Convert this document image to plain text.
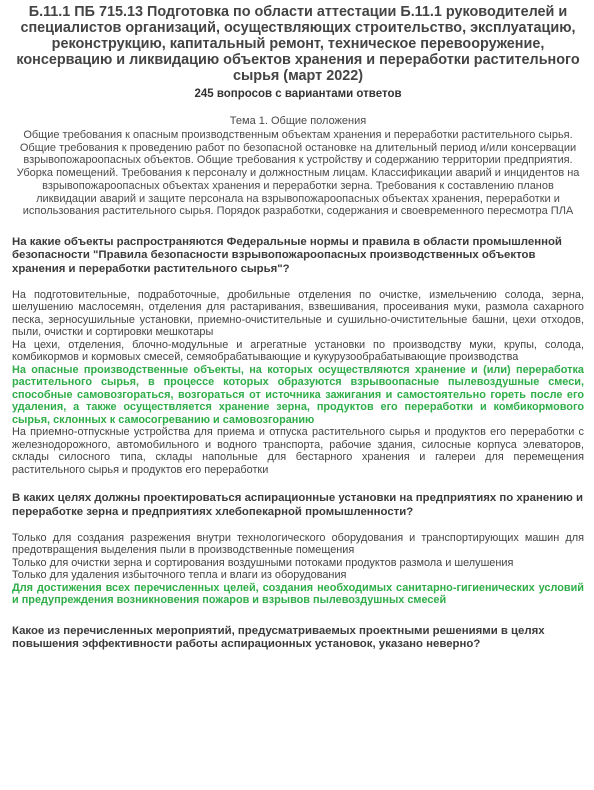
Б.11.1 ПБ 715.13 Подготовка по области аттестации Б.11.1 руководителей и специалистов организаций, осуществляющих строительство, эксплуатацию, реконструкцию, капитальный ремонт, техническое перевооружение, консервацию и ликвидацию объектов хранения и переработки растительного сырья (март 2022)

245 вопросов с вариантами ответов

Тема 1. Общие положения

Общие требования к опасным производственным объектам хранения и переработки растительного сырья. Общие требования к проведению работ по безопасной остановке на длительный период и/или консервации взрывопожароопасных объектов. Общие требования к устройству и содержанию территории предприятия. Уборка помещений. Требования к персоналу и должностным лицам. Классификации аварий и инцидентов на взрывопожароопасных объектах хранения и переработки зерна. Требования к составлению планов ликвидации аварий и защите персонала на взрывопожароопасных объектах хранения, переработки и использования растительного сырья. Порядок разработки, содержания и своевременного пересмотра ПЛА

На какие объекты распространяются Федеральные нормы и правила в области промышленной безопасности "Правила безопасности взрывопожароопасных производственных объектов хранения и переработки растительного сырья"?

На подготовительные, подработочные, дробильные отделения по очистке, измельчению солода, зерна, шелушению маслосемян, отделения для растаривания, взвешивания, просеивания муки, размола сахарного песка, зерносушильные установки, приемно-очистительные и сушильно-очистительные башни, цехи отходов, пыли, очистки и сортировки мешкотары

На цехи, отделения, блочно-модульные и агрегатные установки по производству муки, крупы, солода, комбикормов и кормовых смесей, семяобрабатывающие и кукурузообрабатывающие производства

На опасные производственные объекты, на которых осуществляются хранение и (или) переработка растительного сырья, в процессе которых образуются взрывоопасные пылевоздушные смеси, способные самовозгораться, возгораться от источника зажигания и самостоятельно гореть после его удаления, а также осуществляется хранение зерна, продуктов его переработки и комбикормового сырья, склонных к самосогреванию и самовозгоранию

На приемно-отпускные устройства для приема и отпуска растительного сырья и продуктов его переработки с железнодорожного, автомобильного и водного транспорта, рабочие здания, силосные корпуса элеваторов, склады силосного типа, склады напольные для бестарного хранения и галереи для перемещения растительного сырья и продуктов его переработки

В каких целях должны проектироваться аспирационные установки на предприятиях по хранению и переработке зерна и предприятиях хлебопекарной промышленности?

Только для создания разрежения внутри технологического оборудования и транспортирующих машин для предотвращения выделения пыли в производственные помещения

Только для очистки зерна и сортирования воздушными потоками продуктов размола и шелушения

Только для удаления избыточного тепла и влаги из оборудования

Для достижения всех перечисленных целей, создания необходимых санитарно-гигиенических условий и предупреждения возникновения пожаров и взрывов пылевоздушных смесей

Какое из перечисленных мероприятий, предусматриваемых проектными решениями в целях повышения эффективности работы аспирационных установок, указано неверно?
